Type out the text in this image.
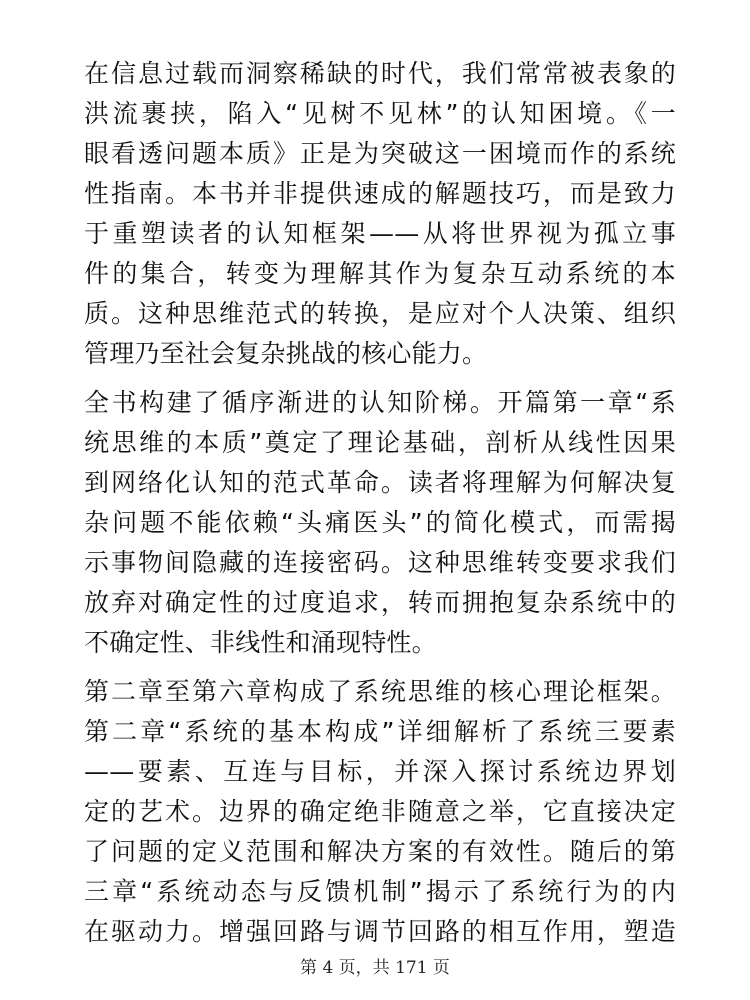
在信息过载而洞察稀缺的时代，我们常常被表象的
洪流裹挟，陷入“见树不见林”的认知困境。《一
眼看透问题本质》正是为突破这一困境而作的系统
性指南。本书并非提供速成的解题技巧，而是致力
于重塑读者的认知框架——从将世界视为孤立事
件的集合，转变为理解其作为复杂互动系统的本
质。这种思维范式的转换，是应对个人决策、组织
管理乃至社会复杂挑战的核心能力。
全书构建了循序渐进的认知阶梯。开篇第一章“系
统思维的本质”奠定了理论基础，剖析从线性因果
到网络化认知的范式革命。读者将理解为何解决复
杂问题不能依赖“头痛医头”的简化模式，而需揭
示事物间隐藏的连接密码。这种思维转变要求我们
放弃对确定性的过度追求，转而拥抱复杂系统中的
不确定性、非线性和涌现特性。
第二章至第六章构成了系统思维的核心理论框架。
第二章“系统的基本构成”详细解析了系统三要素
——要素、互连与目标，并深入探讨系统边界划
定的艺术。边界的确定绝非随意之举，它直接决定
了问题的定义范围和解决方案的有效性。随后的第
三章“系统动态与反馈机制”揭示了系统行为的内
在驱动力。增强回路与调节回路的相互作用，塑造
第 4 页，共 171 页
